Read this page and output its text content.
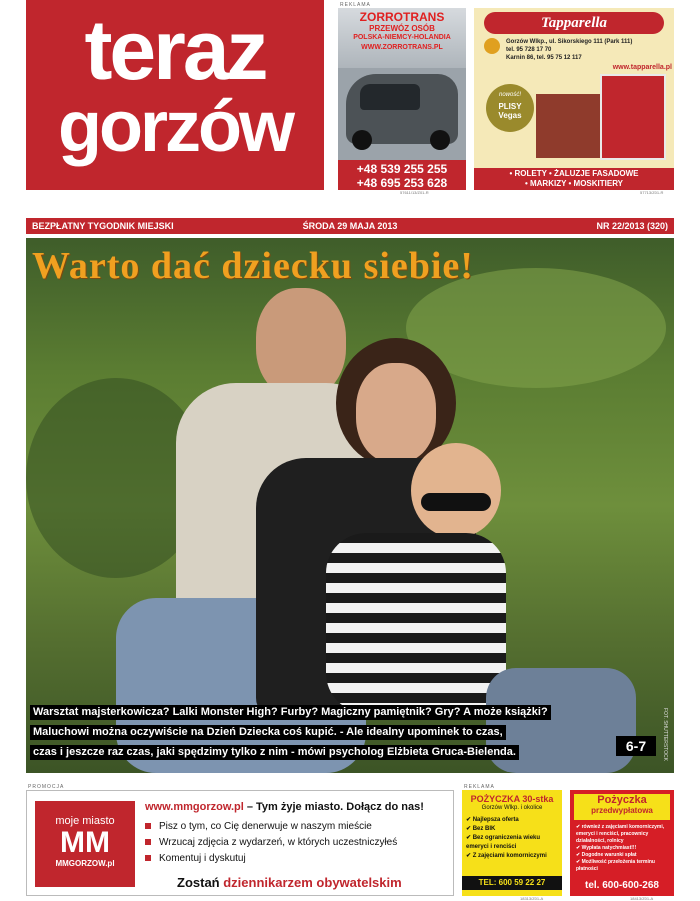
teraz
gorzów
REKLAMA
ZORROTRANS
PRZEWÓZ OSÓB
POLSKA-NIEMCY-HOLANDIA
WWW.ZORROTRANS.PL
+48 539 255 255
+48 695 253 628
57611/13/Z01-R
Tapparella
Gorzów Wlkp., ul. Sikorskiego 111 (Park 111)
tel. 95 728 17 70
Karnin 86, tel. 95 75 12 117
www.tapparella.pl
nowość!
PLISY Vegas
• ROLETY • ŻALUZJE FASADOWE
• MARKIZY • MOSKITIERY
57713/Z01-R
BEZPŁATNY TYGODNIK MIEJSKI	ŚRODA 29 MAJA 2013	NR 22/2013 (320)
Warto dać dziecku siebie!
Warsztat majsterkowicza? Lalki Monster High? Furby? Magiczny pamiętnik? Gry? A może książki?
Maluchowi można oczywiście na Dzień Dziecka coś kupić. - Ale idealny upominek to czas,
czas i jeszcze raz czas, jaki spędzimy tylko z nim - mówi psycholog Elżbieta Gruca-Bielenda.	6-7	FOT. SHUTTERSTOCK
PROMOCJA
moje miasto
MM
MMGORZOW.pl
www.mmgorzow.pl – Tym żyje miasto. Dołącz do nas!
Pisz o tym, co Cię denerwuje w naszym mieście
Wrzucaj zdjęcia z wydarzeń, w których uczestniczyłeś
Komentuj i dyskutuj
Zostań dziennikarzem obywatelskim
REKLAMA
POŻYCZKA 30-stka
Gorzów Wlkp. i okolice
✔ Najlepsza oferta
✔ Bez BIK
✔ Bez ograniczenia wieku emeryci i renciści
✔ Z zajęciami komorniczymi
TEL: 600 59 22 27
18313/Z01-A
Pożyczka
przedwypłatowa
✔ również z zajęciami komorniczymi, emeryci i renciści, pracownicy działalności, rolnicy
✔ Wypłata natychmiast!!!
✔ Dogodne warunki spłat
✔ Możliwość przełożenia terminu płatności
tel. 600-600-268
18413/Z01-A
